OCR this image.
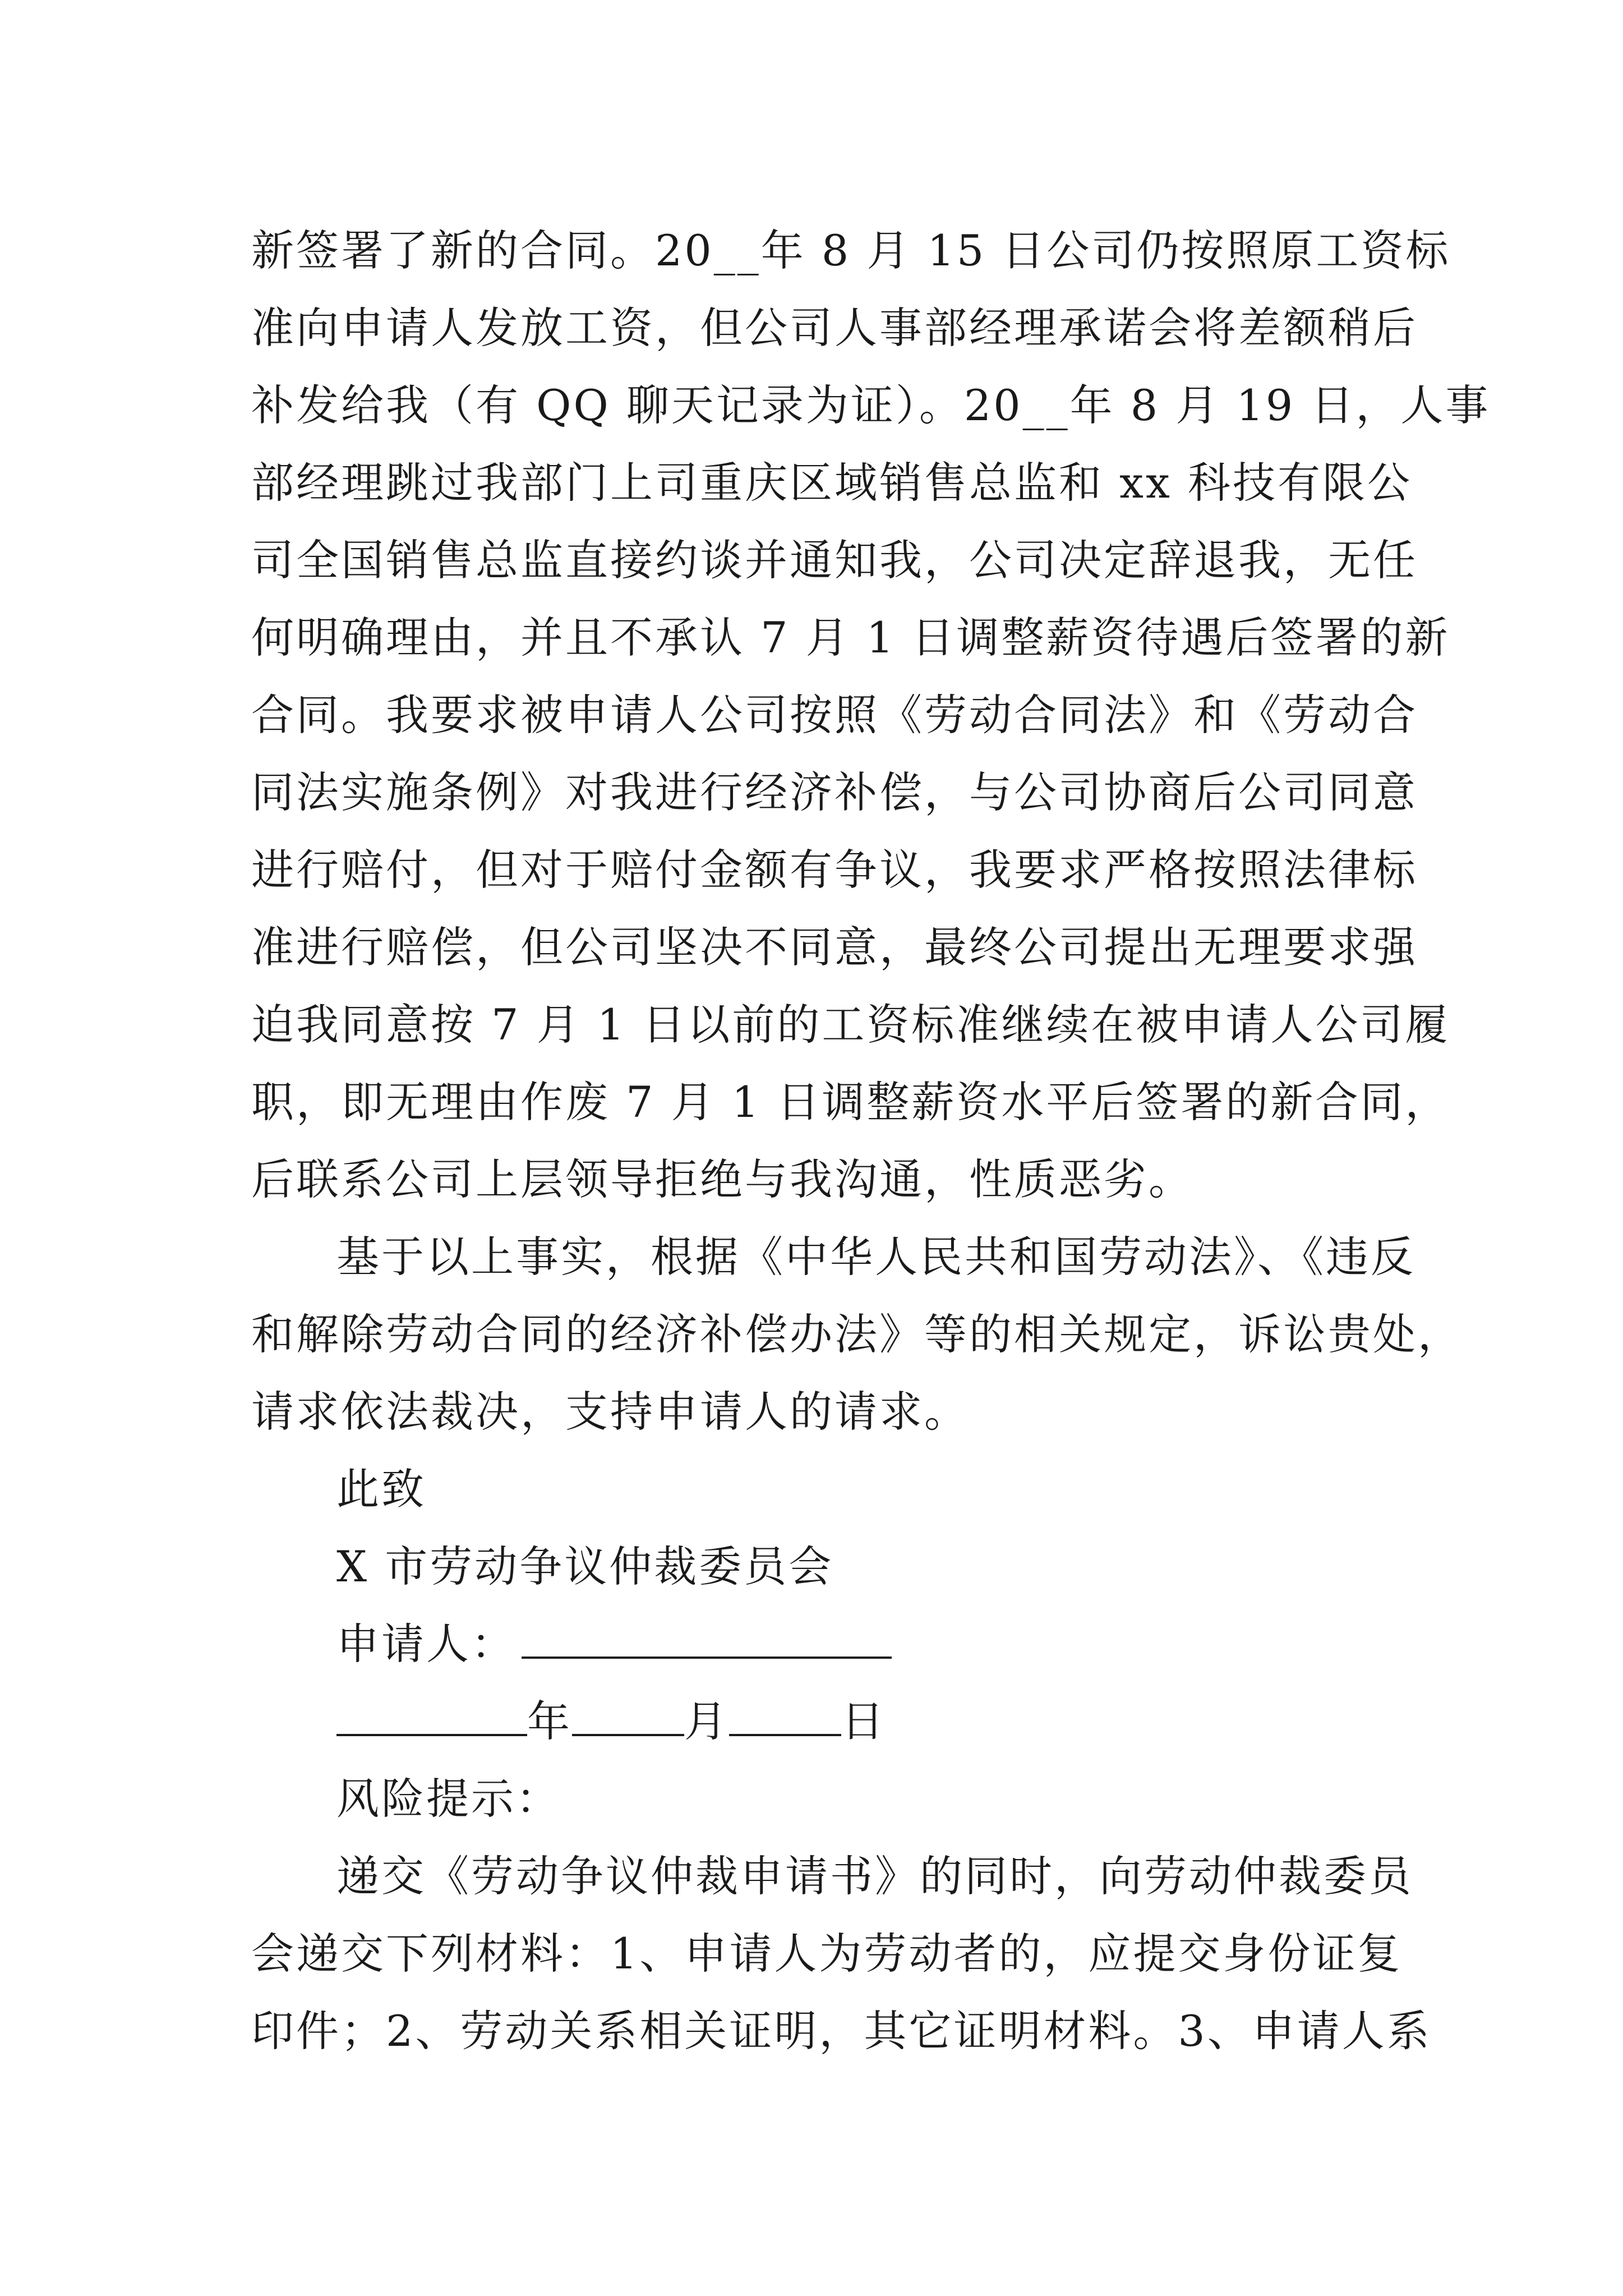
新签署了新的合同。20__年 8 月 15 日公司仍按照原工资标
准向申请人发放工资，但公司人事部经理承诺会将差额稍后
补发给我（有 QQ 聊天记录为证）。20__年 8 月 19 日，人事
部经理跳过我部门上司重庆区域销售总监和 xx 科技有限公
司全国销售总监直接约谈并通知我，公司决定辞退我，无任
何明确理由，并且不承认 7 月 1 日调整薪资待遇后签署的新
合同。我要求被申请人公司按照《劳动合同法》和《劳动合
同法实施条例》对我进行经济补偿，与公司协商后公司同意
进行赔付，但对于赔付金额有争议，我要求严格按照法律标
准进行赔偿，但公司坚决不同意，最终公司提出无理要求强
迫我同意按 7 月 1 日以前的工资标准继续在被申请人公司履
职，即无理由作废 7 月 1 日调整薪资水平后签署的新合同，
后联系公司上层领导拒绝与我沟通，性质恶劣。
基于以上事实，根据《中华人民共和国劳动法》、《违反
和解除劳动合同的经济补偿办法》等的相关规定，诉讼贵处，
请求依法裁决，支持申请人的请求。
此致
X 市劳动争议仲裁委员会
申请人：
年	月	日
风险提示：
递交《劳动争议仲裁申请书》的同时，向劳动仲裁委员
会递交下列材料：1、申请人为劳动者的，应提交身份证复
印件；2、劳动关系相关证明，其它证明材料。3、申请人系
